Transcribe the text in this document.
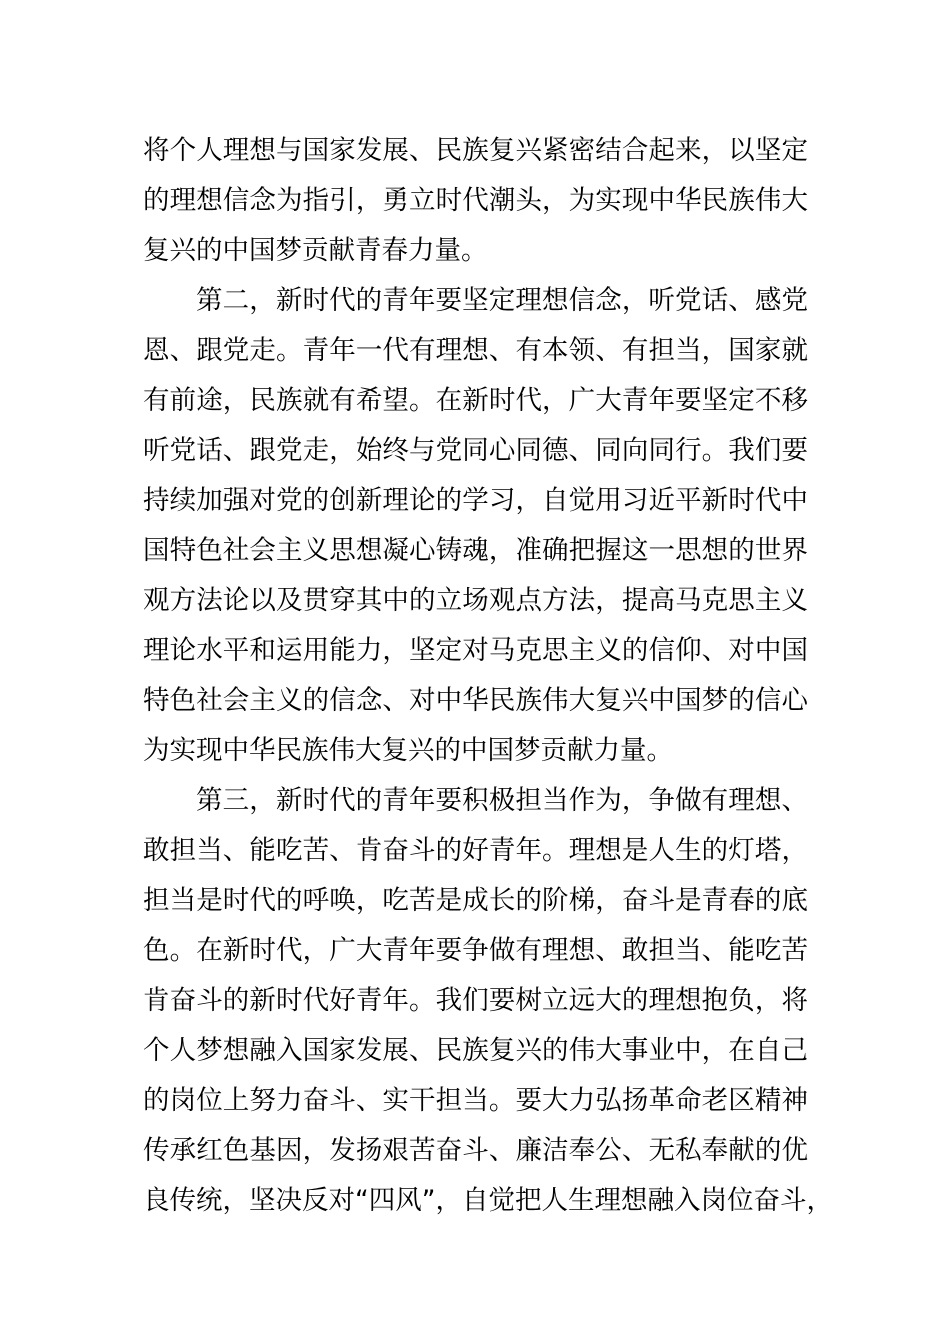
将个人理想与国家发展、民族复兴紧密结合起来，以坚定
的理想信念为指引，勇立时代潮头，为实现中华民族伟大
复兴的中国梦贡献青春力量。
第二，新时代的青年要坚定理想信念，听党话、感党
恩、跟党走。青年一代有理想、有本领、有担当，国家就
有前途，民族就有希望。在新时代，广大青年要坚定不移
听党话、跟党走，始终与党同心同德、同向同行。我们要
持续加强对党的创新理论的学习，自觉用习近平新时代中
国特色社会主义思想凝心铸魂，准确把握这一思想的世界
观方法论以及贯穿其中的立场观点方法，提高马克思主义
理论水平和运用能力，坚定对马克思主义的信仰、对中国
特色社会主义的信念、对中华民族伟大复兴中国梦的信心
为实现中华民族伟大复兴的中国梦贡献力量。
第三，新时代的青年要积极担当作为，争做有理想、
敢担当、能吃苦、肯奋斗的好青年。理想是人生的灯塔，
担当是时代的呼唤，吃苦是成长的阶梯，奋斗是青春的底
色。在新时代，广大青年要争做有理想、敢担当、能吃苦
肯奋斗的新时代好青年。我们要树立远大的理想抱负，将
个人梦想融入国家发展、民族复兴的伟大事业中，在自己
的岗位上努力奋斗、实干担当。要大力弘扬革命老区精神
传承红色基因，发扬艰苦奋斗、廉洁奉公、无私奉献的优
良传统，坚决反对“四风”，自觉把人生理想融入岗位奋斗，
